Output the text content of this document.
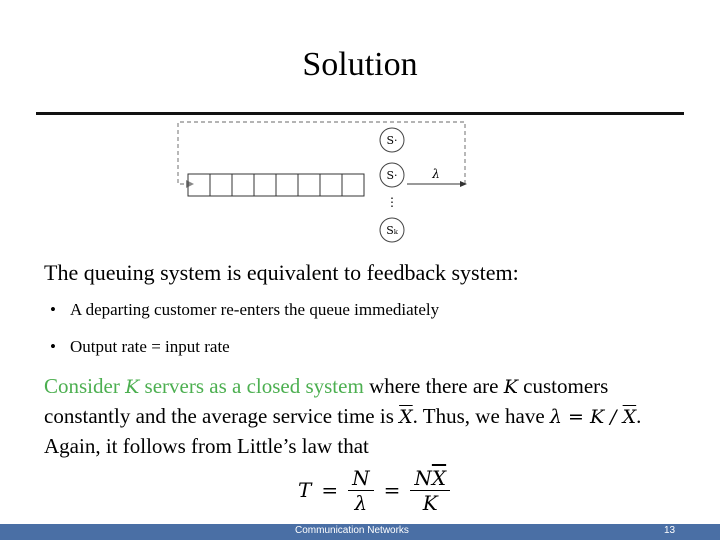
Solution
S·
S·
⋮
Sₖ
λ
The queuing system is equivalent to feedback system:
• A departing customer re-enters the queue immediately
• Output rate = input rate
Consider K servers as a closed system where there are K customers constantly and the average service time is $\overline{X}$. Thus, we have $\lambda = K / \overline{X}$. Again, it follows from Little’s law that
$T = \frac{N}{\lambda} = \frac{N\overline{X}}{K}$
Communication Networks	13
